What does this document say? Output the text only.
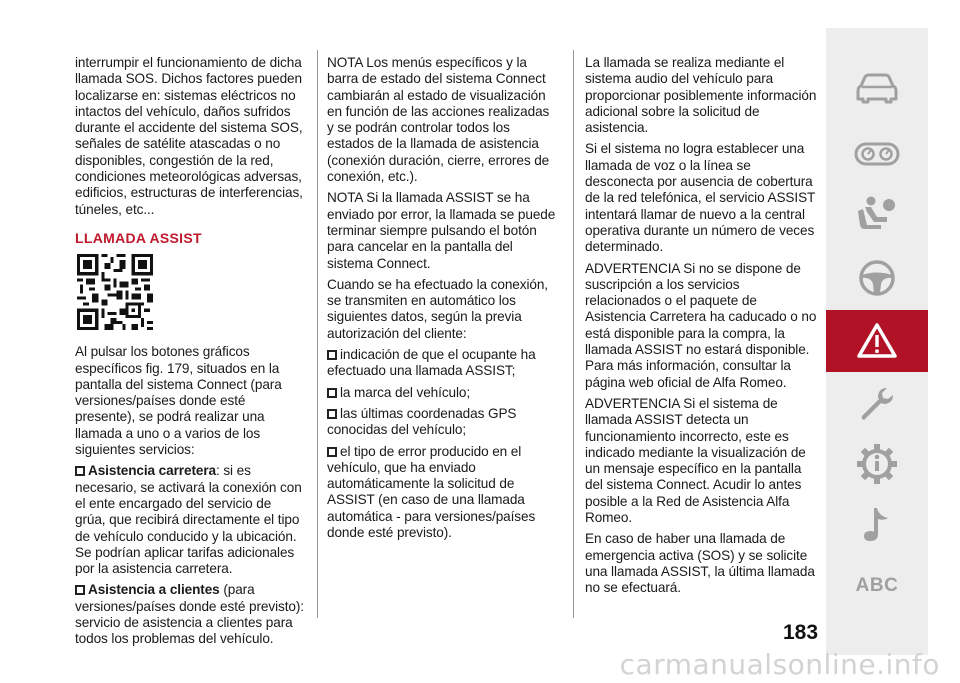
interrumpir el funcionamiento de dicha llamada SOS. Dichos factores pueden localizarse en: sistemas eléctricos no intactos del vehículo, daños sufridos durante el accidente del sistema SOS, señales de satélite atascadas o no disponibles, congestión de la red, condiciones meteorológicas adversas, edificios, estructuras de interferencias, túneles, etc...

LLAMADA ASSIST

Al pulsar los botones gráficos específicos fig. 179, situados en la pantalla del sistema Connect (para versiones/países donde esté presente), se podrá realizar una llamada a uno o a varios de los siguientes servicios:

Asistencia carretera: si es necesario, se activará la conexión con el ente encargado del servicio de grúa, que recibirá directamente el tipo de vehículo conducido y la ubicación. Se podrían aplicar tarifas adicionales por la asistencia carretera.

Asistencia a clientes (para versiones/países donde esté previsto): servicio de asistencia a clientes para todos los problemas del vehículo.

NOTA Los menús específicos y la barra de estado del sistema Connect cambiarán al estado de visualización en función de las acciones realizadas y se podrán controlar todos los estados de la llamada de asistencia (conexión duración, cierre, errores de conexión, etc.).

NOTA Si la llamada ASSIST se ha enviado por error, la llamada se puede terminar siempre pulsando el botón para cancelar en la pantalla del sistema Connect.

Cuando se ha efectuado la conexión, se transmiten en automático los siguientes datos, según la previa autorización del cliente:

indicación de que el ocupante ha efectuado una llamada ASSIST;

la marca del vehículo;

las últimas coordenadas GPS conocidas del vehículo;

el tipo de error producido en el vehículo, que ha enviado automáticamente la solicitud de ASSIST (en caso de una llamada automática - para versiones/países donde esté previsto).

La llamada se realiza mediante el sistema audio del vehículo para proporcionar posiblemente información adicional sobre la solicitud de asistencia.

Si el sistema no logra establecer una llamada de voz o la línea se desconecta por ausencia de cobertura de la red telefónica, el servicio ASSIST intentará llamar de nuevo a la central operativa durante un número de veces determinado.

ADVERTENCIA Si no se dispone de suscripción a los servicios relacionados o el paquete de Asistencia Carretera ha caducado o no está disponible para la compra, la llamada ASSIST no estará disponible. Para más información, consultar la página web oficial de Alfa Romeo.

ADVERTENCIA Si el sistema de llamada ASSIST detecta un funcionamiento incorrecto, este es indicado mediante la visualización de un mensaje específico en la pantalla del sistema Connect. Acudir lo antes posible a la Red de Asistencia Alfa Romeo.

En caso de haber una llamada de emergencia activa (SOS) y se solicite una llamada ASSIST, la última llamada no se efectuará.	ABC
183
carmanualsonline.info
